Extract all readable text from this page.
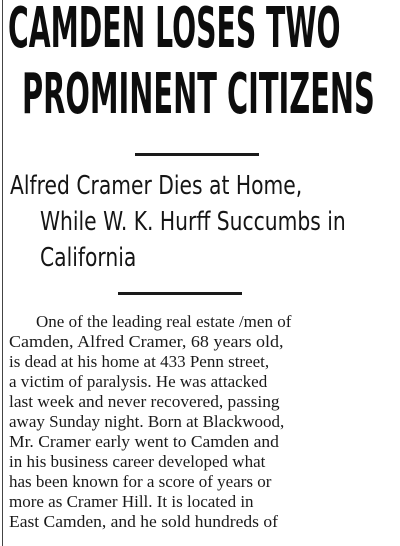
CAMDEN LOSES TWO
PROMINENT CITIZENS
Alfred Cramer Dies at Home,
While W. K. Hurff Succumbs in
California

One of the leading real estate /men of

Camden, Alfred Cramer, 68 years old,

is dead at his home at 433 Penn street,

a victim of paralysis. He was attacked

last week and never recovered, passing

away Sunday night. Born at Blackwood,

Mr. Cramer early went to Camden and

in his business career developed what

has been known for a score of years or

more as Cramer Hill. It is located in

East Camden, and he sold hundreds of
